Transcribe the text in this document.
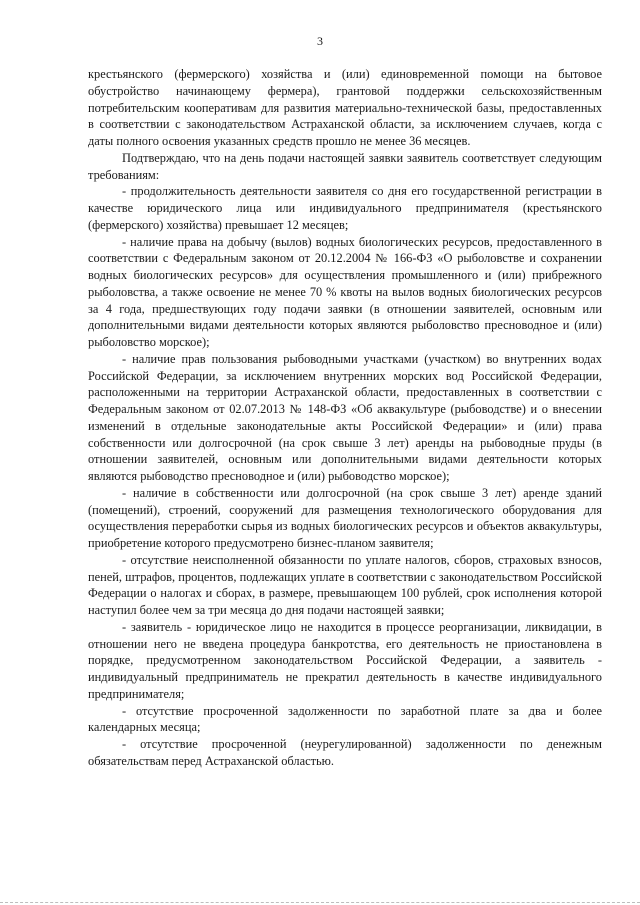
3

крестьянского (фермерского) хозяйства и (или) единовременной помощи на бытовое обустройство начинающему фермера), грантовой поддержки сельскохозяйственным потребительским кооперативам для развития материально-технической базы, предоставленных в соответствии с законодательством Астраханской области, за исключением случаев, когда с даты полного освоения указанных средств прошло не менее 36 месяцев.

Подтверждаю, что на день подачи настоящей заявки заявитель соответствует следующим требованиям:

- продолжительность деятельности заявителя со дня его государственной регистрации в качестве юридического лица или индивидуального предпринимателя (крестьянского (фермерского) хозяйства) превышает 12 месяцев;

- наличие права на добычу (вылов) водных биологических ресурсов, предоставленного в соответствии с Федеральным законом от 20.12.2004 № 166-ФЗ «О рыболовстве и сохранении водных биологических ресурсов» для осуществления промышленного и (или) прибрежного рыболовства, а также освоение не менее 70 % квоты на вылов водных биологических ресурсов за 4 года, предшествующих году подачи заявки (в отношении заявителей, основным или дополнительными видами деятельности которых являются рыболовство пресноводное и (или) рыболовство морское);

- наличие прав пользования рыбоводными участками (участком) во внутренних водах Российской Федерации, за исключением внутренних морских вод Российской Федерации, расположенными на территории Астраханской области, предоставленных в соответствии с Федеральным законом от 02.07.2013 № 148-ФЗ «Об аквакультуре (рыбоводстве) и о внесении изменений в отдельные законодательные акты Российской Федерации» и (или) права собственности или долгосрочной (на срок свыше 3 лет) аренды на рыбоводные пруды (в отношении заявителей, основным или дополнительными видами деятельности которых являются рыбоводство пресноводное и (или) рыбоводство морское);

- наличие в собственности или долгосрочной (на срок свыше 3 лет) аренде зданий (помещений), строений, сооружений для размещения технологического оборудования для осуществления переработки сырья из водных биологических ресурсов и объектов аквакультуры, приобретение которого предусмотрено бизнес-планом заявителя;

- отсутствие неисполненной обязанности по уплате налогов, сборов, страховых взносов, пеней, штрафов, процентов, подлежащих уплате в соответствии с законодательством Российской Федерации о налогах и сборах, в размере, превышающем 100 рублей, срок исполнения которой наступил более чем за три месяца до дня подачи настоящей заявки;

- заявитель - юридическое лицо не находится в процессе реорганизации, ликвидации, в отношении него не введена процедура банкротства, его деятельность не приостановлена в порядке, предусмотренном законодательством Российской Федерации, а заявитель - индивидуальный предприниматель не прекратил деятельность в качестве индивидуального предпринимателя;

- отсутствие просроченной задолженности по заработной плате за два и более календарных месяца;

- отсутствие просроченной (неурегулированной) задолженности по денежным обязательствам перед Астраханской областью.
